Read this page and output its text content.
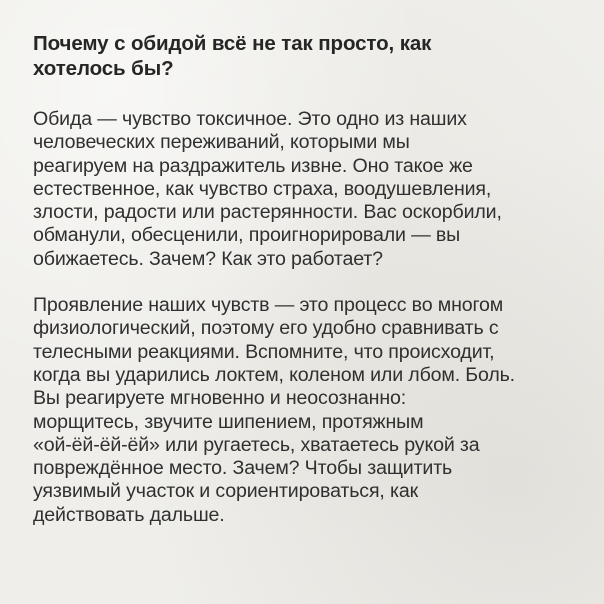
Почему с обидой всё не так просто, как
хотелось бы?

Обида — чувство токсичное. Это одно из наших
человеческих переживаний, которыми мы
реагируем на раздражитель извне. Оно такое же
естественное, как чувство страха, воодушевления,
злости, радости или растерянности. Вас оскорбили,
обманули, обесценили, проигнорировали — вы
обижаетесь. Зачем? Как это работает?

Проявление наших чувств — это процесс во многом
физиологический, поэтому его удобно сравнивать с
телесными реакциями. Вспомните, что происходит,
когда вы ударились локтем, коленом или лбом. Боль.
Вы реагируете мгновенно и неосознанно:
морщитесь, звучите шипением, протяжным
«ой-ёй-ёй-ёй» или ругаетесь, хватаетесь рукой за
повреждённое место. Зачем? Чтобы защитить
уязвимый участок и сориентироваться, как
действовать дальше.
